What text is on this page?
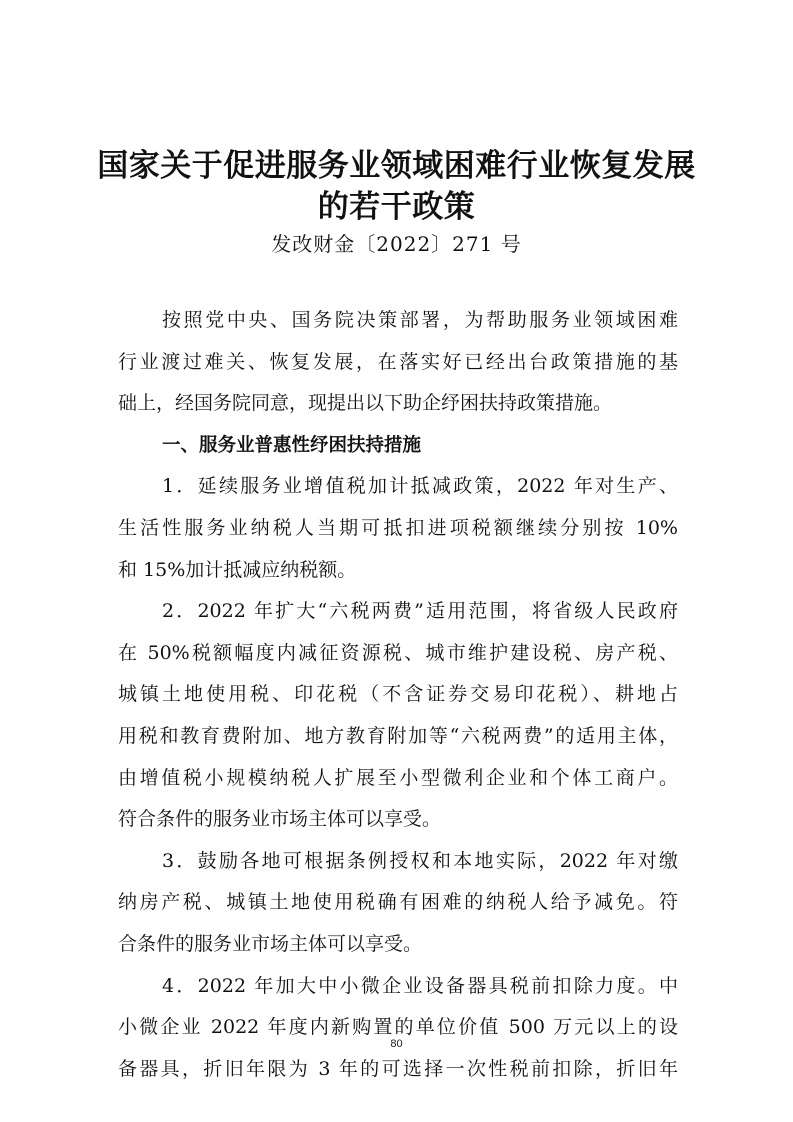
国家关于促进服务业领域困难行业恢复发展
的若干政策
发改财金〔2022〕271 号
按照党中央、国务院决策部署，为帮助服务业领域困难
行业渡过难关、恢复发展，在落实好已经出台政策措施的基
础上，经国务院同意，现提出以下助企纾困扶持政策措施。
一、服务业普惠性纾困扶持措施
1．延续服务业增值税加计抵减政策，2022 年对生产、
生活性服务业纳税人当期可抵扣进项税额继续分别按 10%
和 15%加计抵减应纳税额。
2．2022 年扩大“六税两费”适用范围，将省级人民政府
在 50%税额幅度内减征资源税、城市维护建设税、房产税、
城镇土地使用税、印花税（不含证券交易印花税）、耕地占
用税和教育费附加、地方教育附加等“六税两费”的适用主体，
由增值税小规模纳税人扩展至小型微利企业和个体工商户。
符合条件的服务业市场主体可以享受。
3．鼓励各地可根据条例授权和本地实际，2022 年对缴
纳房产税、城镇土地使用税确有困难的纳税人给予减免。符
合条件的服务业市场主体可以享受。
4．2022 年加大中小微企业设备器具税前扣除力度。中
小微企业 2022 年度内新购置的单位价值 500 万元以上的设
备器具，折旧年限为 3 年的可选择一次性税前扣除，折旧年
80
